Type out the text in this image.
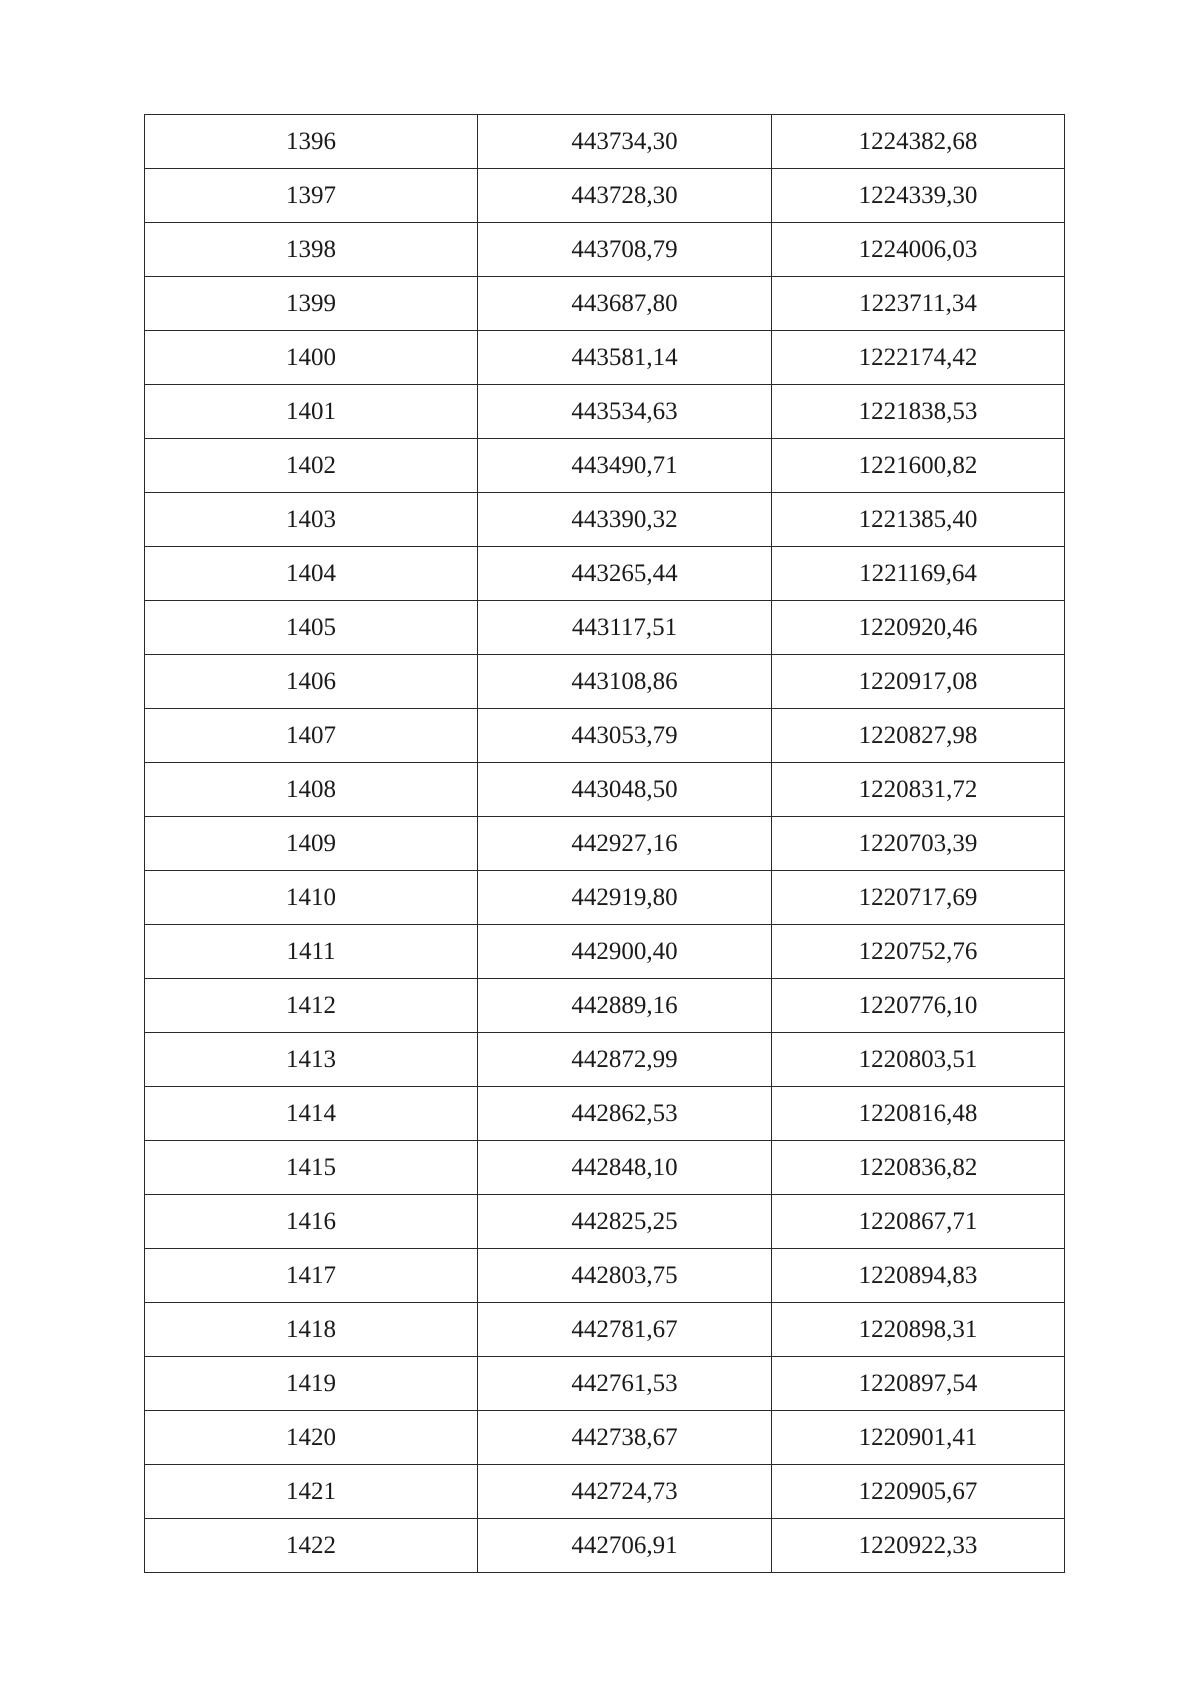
1396	443734,30	1224382,68
1397	443728,30	1224339,30
1398	443708,79	1224006,03
1399	443687,80	1223711,34
1400	443581,14	1222174,42
1401	443534,63	1221838,53
1402	443490,71	1221600,82
1403	443390,32	1221385,40
1404	443265,44	1221169,64
1405	443117,51	1220920,46
1406	443108,86	1220917,08
1407	443053,79	1220827,98
1408	443048,50	1220831,72
1409	442927,16	1220703,39
1410	442919,80	1220717,69
1411	442900,40	1220752,76
1412	442889,16	1220776,10
1413	442872,99	1220803,51
1414	442862,53	1220816,48
1415	442848,10	1220836,82
1416	442825,25	1220867,71
1417	442803,75	1220894,83
1418	442781,67	1220898,31
1419	442761,53	1220897,54
1420	442738,67	1220901,41
1421	442724,73	1220905,67
1422	442706,91	1220922,33
